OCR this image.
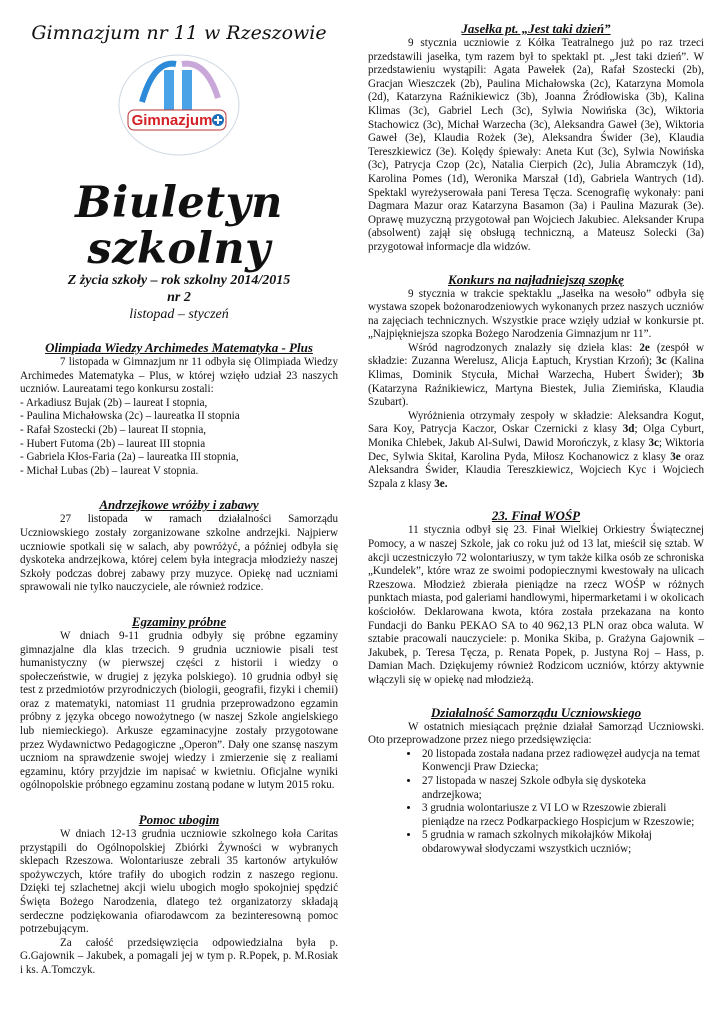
Gimnazjum nr 11 w Rzeszowie
Gimnazjum
Biuletyn szkolny
Z życia szkoły – rok szkolny 2014/2015
nr 2
listopad – styczeń
Olimpiada Wiedzy Archimedes Matematyka - Plus

7 listopada w Gimnazjum nr 11 odbyła się Olimpiada Wiedzy Archimedes Matematyka – Plus, w której wzięło udział 23 naszych uczniów. Laureatami tego konkursu zostali:

- Arkadiusz Bujak (2b) – laureat I stopnia,
- Paulina Michałowska (2c) – laureatka II stopnia
- Rafał Szostecki (2b) – laureat II stopnia,
- Hubert Futoma (2b) – laureat III stopnia
- Gabriela Kłos-Faria (2a) – laureatka III stopnia,
- Michał Lubas (2b) – laureat V stopnia.
Andrzejkowe wróżby i zabawy

27 listopada w ramach działalności Samorządu Uczniowskiego zostały zorganizowane szkolne andrzejki. Najpierw uczniowie spotkali się w salach, aby powróżyć, a później odbyła się dyskoteka andrzejkowa, której celem była integracja młodzieży naszej Szkoły podczas dobrej zabawy przy muzyce. Opiekę nad uczniami sprawowali nie tylko nauczyciele, ale również rodzice.

Egzaminy próbne

W dniach 9-11 grudnia odbyły się próbne egzaminy gimnazjalne dla klas trzecich. 9 grudnia uczniowie pisali test humanistyczny (w pierwszej części z historii i wiedzy o społeczeństwie, w drugiej z języka polskiego). 10 grudnia odbył się test z przedmiotów przyrodniczych (biologii, geografii, fizyki i chemii) oraz z matematyki, natomiast 11 grudnia przeprowadzono egzamin próbny z języka obcego nowożytnego (w naszej Szkole angielskiego lub niemieckiego). Arkusze egzaminacyjne zostały przygotowane przez Wydawnictwo Pedagogiczne „Operon”. Dały one szansę naszym uczniom na sprawdzenie swojej wiedzy i zmierzenie się z realiami egzaminu, który przyjdzie im napisać w kwietniu. Oficjalne wyniki ogólnopolskie próbnego egzaminu zostaną podane w lutym 2015 roku.

Pomoc ubogim

W dniach 12-13 grudnia uczniowie szkolnego koła Caritas przystąpili do Ogólnopolskiej Zbiórki Żywności w wybranych sklepach Rzeszowa. Wolontariusze zebrali 35 kartonów artykułów spożywczych, które trafiły do ubogich rodzin z naszego regionu. Dzięki tej szlachetnej akcji wielu ubogich mogło spokojniej spędzić Święta Bożego Narodzenia, dlatego też organizatorzy składają serdeczne podziękowania ofiarodawcom za bezinteresowną pomoc potrzebującym.

Za całość przedsięwzięcia odpowiedzialna była p. G.Gajownik – Jakubek, a pomagali jej w tym p. R.Popek, p. M.Rosiak i ks. A.Tomczyk.

Jasełka pt. „Jest taki dzień”

9 stycznia uczniowie z Kółka Teatralnego już po raz trzeci przedstawili jasełka, tym razem był to spektakl pt. „Jest taki dzień”. W przedstawieniu wystąpili: Agata Pawełek (2a), Rafał Szostecki (2b), Gracjan Wieszczek (2b), Paulina Michałowska (2c), Katarzyna Momola (2d), Katarzyna Raźnikiewicz (3b), Joanna Źródłowiska (3b), Kalina Klimas (3c), Gabriel Lech (3c), Sylwia Nowińska (3c), Wiktoria Stachowicz (3c), Michał Warzecha (3c), Aleksandra Gaweł (3e), Wiktoria Gaweł (3e), Klaudia Rożek (3e), Aleksandra Świder (3e), Klaudia Tereszkiewicz (3e). Kolędy śpiewały: Aneta Kut (3c), Sylwia Nowińska (3c), Patrycja Czop (2c), Natalia Cierpich (2c), Julia Abramczyk (1d), Karolina Pomes (1d), Weronika Marszał (1d), Gabriela Wantrych (1d). Spektakl wyreżyserowała pani Teresa Tęcza. Scenografię wykonały: pani Dagmara Mazur oraz Katarzyna Basamon (3a) i Paulina Mazurak (3e). Oprawę muzyczną przygotował pan Wojciech Jakubiec. Aleksander Krupa (absolwent) zajął się obsługą techniczną, a Mateusz Solecki (3a) przygotował informacje dla widzów.

Konkurs na najładniejszą szopkę

9 stycznia w trakcie spektaklu „Jasełka na wesoło” odbyła się wystawa szopek bożonarodzeniowych wykonanych przez naszych uczniów na zajęciach technicznych. Wszystkie prace wzięły udział w konkursie pt. „Najpiękniejsza szopka Bożego Narodzenia Gimnazjum nr 11”.

Wśród nagrodzonych znalazły się dzieła klas: 2e (zespół w składzie: Zuzanna Werelusz, Alicja Łaptuch, Krystian Krzoń); 3c (Kalina Klimas, Dominik Stycuła, Michał Warzecha, Hubert Świder); 3b (Katarzyna Raźnikiewicz, Martyna Biestek, Julia Ziemińska, Klaudia Szubart).

Wyróżnienia otrzymały zespoły w składzie: Aleksandra Kogut, Sara Koy, Patrycja Kaczor, Oskar Czernicki z klasy 3d; Olga Cyburt, Monika Chlebek, Jakub Al-Sulwi, Dawid Morończyk, z klasy 3c; Wiktoria Dec, Sylwia Skitał, Karolina Pyda, Miłosz Kochanowicz z klasy 3e oraz Aleksandra Świder, Klaudia Tereszkiewicz, Wojciech Kyc i Wojciech Szpala z klasy 3e.

23. Finał WOŚP

11 stycznia odbył się 23. Finał Wielkiej Orkiestry Świątecznej Pomocy, a w naszej Szkole, jak co roku już od 13 lat, mieścił się sztab. W akcji uczestniczyło 72 wolontariuszy, w tym także kilka osób ze schroniska „Kundelek”, które wraz ze swoimi podopiecznymi kwestowały na ulicach Rzeszowa. Młodzież zbierała pieniądze na rzecz WOŚP w różnych punktach miasta, pod galeriami handlowymi, hipermarketami i w okolicach kościołów. Deklarowana kwota, która została przekazana na konto Fundacji do Banku PEKAO SA to 40 962,13 PLN oraz obca waluta. W sztabie pracowali nauczyciele: p. Monika Skiba, p. Grażyna Gajownik – Jakubek, p. Teresa Tęcza, p. Renata Popek, p. Justyna Roj – Hass, p. Damian Mach. Dziękujemy również Rodzicom uczniów, którzy aktywnie włączyli się w opiekę nad młodzieżą.

Działalność Samorządu Uczniowskiego

W ostatnich miesiącach prężnie działał Samorząd Uczniowski. Oto przeprowadzone przez niego przedsięwzięcia:

• 20 listopada została nadana przez radiowęzeł audycja na temat Konwencji Praw Dziecka;
• 27 listopada w naszej Szkole odbyła się dyskoteka andrzejkowa;
• 3 grudnia wolontariusze z VI LO w Rzeszowie zbierali pieniądze na rzecz Podkarpackiego Hospicjum w Rzeszowie;
• 5 grudnia w ramach szkolnych mikołajków Mikołaj obdarowywał słodyczami wszystkich uczniów;
